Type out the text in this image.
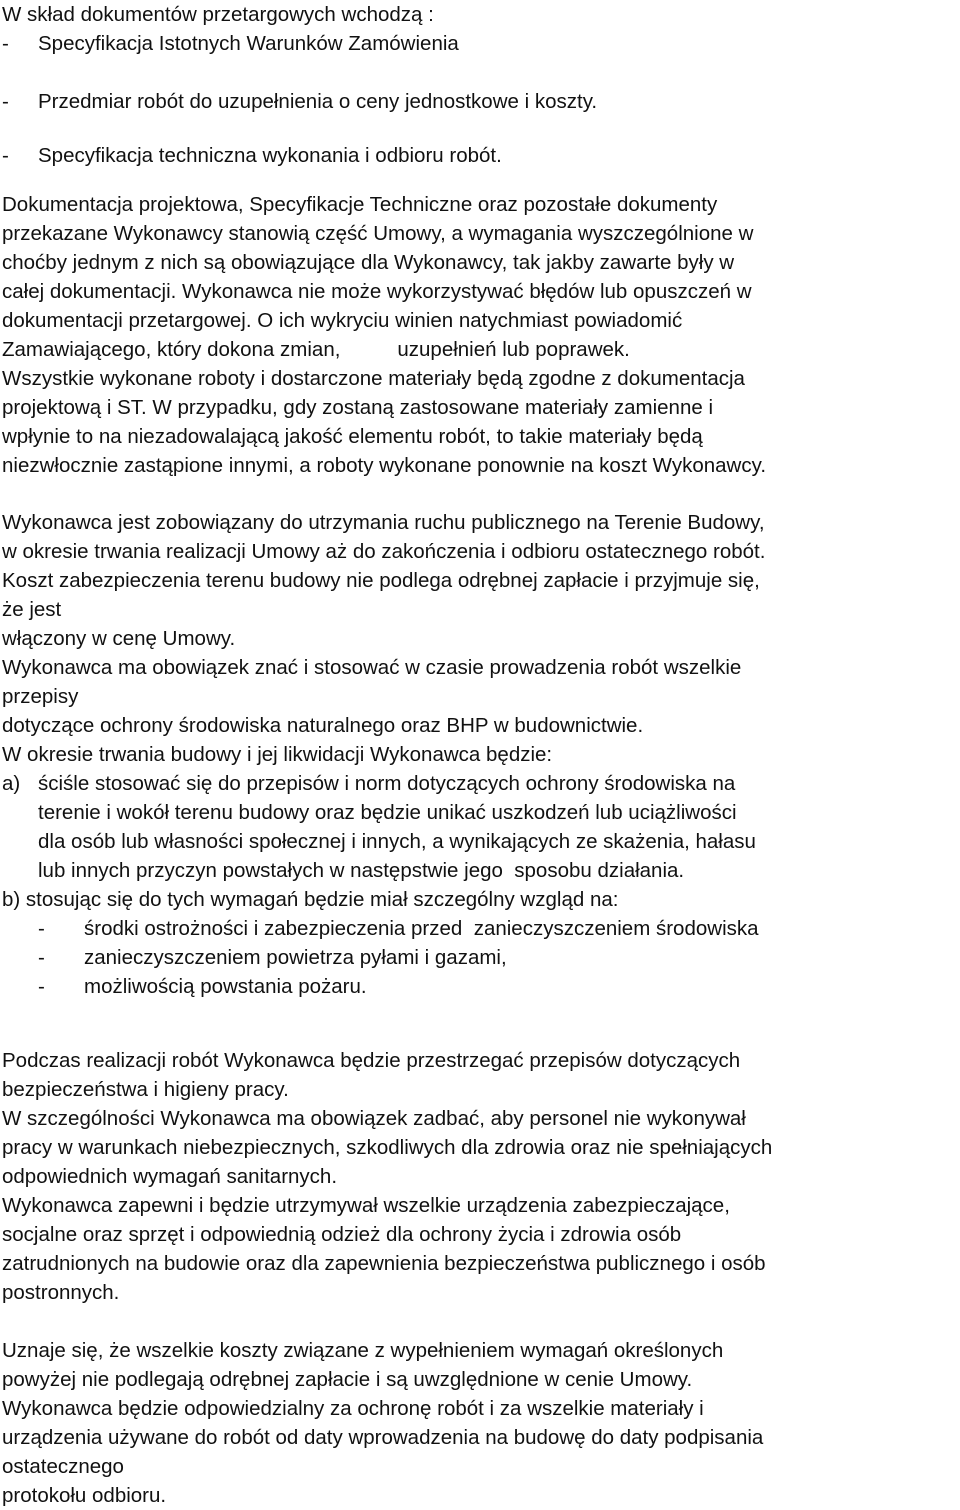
W skład dokumentów przetargowych wchodzą :
- Specyfikacja Istotnych Warunków Zamówienia
- Przedmiar robót do uzupełnienia o ceny jednostkowe i koszty.
- Specyfikacja techniczna wykonania i odbioru robót.
Dokumentacja projektowa, Specyfikacje Techniczne oraz pozostałe dokumenty
przekazane Wykonawcy stanowią część Umowy, a wymagania wyszczególnione w
choćby jednym z nich są obowiązujące dla Wykonawcy, tak jakby zawarte były w
całej dokumentacji. Wykonawca nie może wykorzystywać błędów lub opuszczeń w
dokumentacji przetargowej. O ich wykryciu winien natychmiast powiadomić
Zamawiającego, który dokona zmian,          uzupełnień lub poprawek.
Wszystkie wykonane roboty i dostarczone materiały będą zgodne z dokumentacja
projektową i ST. W przypadku, gdy zostaną zastosowane materiały zamienne i
wpłynie to na niezadowalającą jakość elementu robót, to takie materiały będą
niezwłocznie zastąpione innymi, a roboty wykonane ponownie na koszt Wykonawcy.
Wykonawca jest zobowiązany do utrzymania ruchu publicznego na Terenie Budowy,
w okresie trwania realizacji Umowy aż do zakończenia i odbioru ostatecznego robót.
Koszt zabezpieczenia terenu budowy nie podlega odrębnej zapłacie i przyjmuje się,
że jest
włączony w cenę Umowy.
Wykonawca ma obowiązek znać i stosować w czasie prowadzenia robót wszelkie
przepisy
dotyczące ochrony środowiska naturalnego oraz BHP w budownictwie.
W okresie trwania budowy i jej likwidacji Wykonawca będzie:
a) ściśle stosować się do przepisów i norm dotyczących ochrony środowiska na
terenie i wokół terenu budowy oraz będzie unikać uszkodzeń lub uciążliwości
dla osób lub własności społecznej i innych, a wynikających ze skażenia, hałasu
lub innych przyczyn powstałych w następstwie jego  sposobu działania.
b) stosując się do tych wymagań będzie miał szczególny wzgląd na:
- środki ostrożności i zabezpieczenia przed  zanieczyszczeniem środowiska
- zanieczyszczeniem powietrza pyłami i gazami,
- możliwością powstania pożaru.
Podczas realizacji robót Wykonawca będzie przestrzegać przepisów dotyczących
bezpieczeństwa i higieny pracy.
W szczególności Wykonawca ma obowiązek zadbać, aby personel nie wykonywał
pracy w warunkach niebezpiecznych, szkodliwych dla zdrowia oraz nie spełniających
odpowiednich wymagań sanitarnych.
Wykonawca zapewni i będzie utrzymywał wszelkie urządzenia zabezpieczające,
socjalne oraz sprzęt i odpowiednią odzież dla ochrony życia i zdrowia osób
zatrudnionych na budowie oraz dla zapewnienia bezpieczeństwa publicznego i osób
postronnych.
Uznaje się, że wszelkie koszty związane z wypełnieniem wymagań określonych
powyżej nie podlegają odrębnej zapłacie i są uwzględnione w cenie Umowy.
Wykonawca będzie odpowiedzialny za ochronę robót i za wszelkie materiały i
urządzenia używane do robót od daty wprowadzenia na budowę do daty podpisania
ostatecznego
protokołu odbioru.
